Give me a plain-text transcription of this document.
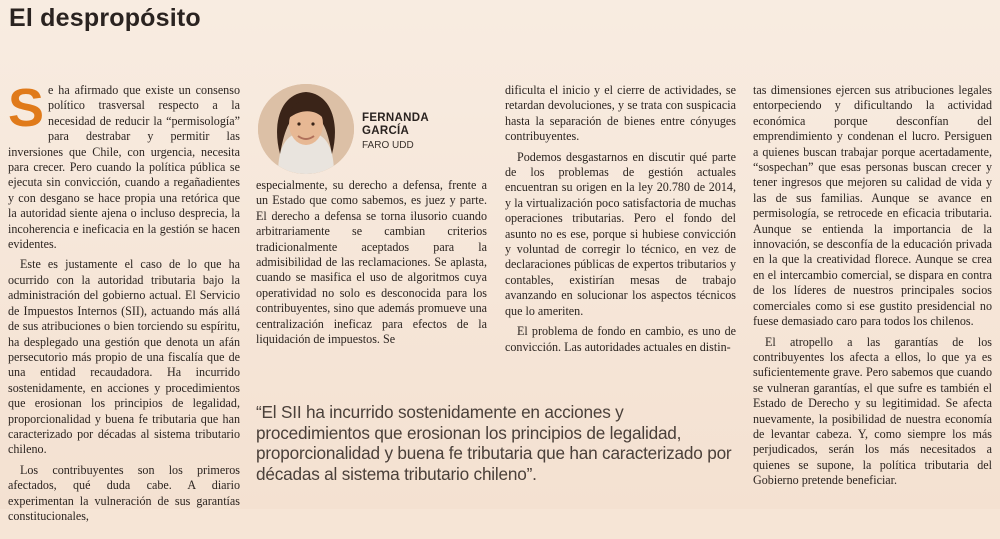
El despropósito

Se ha afirmado que existe un consenso político trasversal respecto a la necesidad de reducir la “permisología” para destrabar y permitir las inversiones que Chile, con urgencia, necesita para crecer. Pero cuando la política pública se ejecuta sin convicción, cuando a regañadientes y con desgano se hace propia una retórica que la autoridad siente ajena o incluso desprecia, la incoherencia e ineficacia en la gestión se hacen evidentes.

Este es justamente el caso de lo que ha ocurrido con la autoridad tributaria bajo la administración del gobierno actual. El Servicio de Impuestos Internos (SII), actuando más allá de sus atribuciones o bien torciendo su espíritu, ha desplegado una gestión que denota un afán persecutorio más propio de una fiscalía que de una entidad recaudadora. Ha incurrido sostenidamente, en acciones y procedimientos que erosionan los principios de legalidad, proporcionalidad y buena fe tributaria que han caracterizado por décadas al sistema tributario chileno.

Los contribuyentes son los primeros afectados, qué duda cabe. A diario experimentan la vulneración de sus garantías constitucionales,

FERNANDA
GARCÍA
FARO UDD

especialmente, su derecho a defensa, frente a un Estado que como sabemos, es juez y parte. El derecho a defensa se torna ilusorio cuando arbitrariamente se cambian criterios tradicionalmente aceptados para la admisibilidad de las reclamaciones. Se aplasta, cuando se masifica el uso de algoritmos cuya operatividad no solo es desconocida para los contribuyentes, sino que además promueve una centralización ineficaz para efectos de la liquidación de impuestos. Se

dificulta el inicio y el cierre de actividades, se retardan devoluciones, y se trata con suspicacia hasta la separación de bienes entre cónyuges contribuyentes.

Podemos desgastarnos en discutir qué parte de los problemas de gestión actuales encuentran su origen en la ley 20.780 de 2014, y la virtualización poco satisfactoria de muchas operaciones tributarias. Pero el fondo del asunto no es ese, porque si hubiese convicción y voluntad de corregir lo técnico, en vez de declaraciones públicas de expertos tributarios y contables, existirían mesas de trabajo avanzando en solucionar los aspectos técnicos que lo ameriten.

El problema de fondo en cambio, es uno de convicción. Las autoridades actuales en distin-

tas dimensiones ejercen sus atribuciones legales entorpeciendo y dificultando la actividad económica porque desconfían del emprendimiento y condenan el lucro. Persiguen a quienes buscan trabajar porque acertadamente, “sospechan” que esas personas buscan crecer y tener ingresos que mejoren su calidad de vida y las de sus familias. Aunque se avance en permisología, se retrocede en eficacia tributaria. Aunque se entienda la importancia de la innovación, se desconfía de la educación privada en la que la creatividad florece. Aunque se crea en el intercambio comercial, se dispara en contra de los líderes de nuestros principales socios comerciales como si ese gustito presidencial no fuese demasiado caro para todos los chilenos.

El atropello a las garantías de los contribuyentes los afecta a ellos, lo que ya es suficientemente grave. Pero sabemos que cuando se vulneran garantías, el que sufre es también el Estado de Derecho y su legitimidad. Se afecta nuevamente, la posibilidad de nuestra economía de levantar cabeza. Y, como siempre los más perjudicados, serán los más necesitados a quienes se supone, la política tributaria del Gobierno pretende beneficiar.

“El SII ha incurrido sostenidamente en acciones y procedimientos que erosionan los principios de legalidad, proporcionalidad y buena fe tributaria que han caracterizado por décadas al sistema tributario chileno”.
